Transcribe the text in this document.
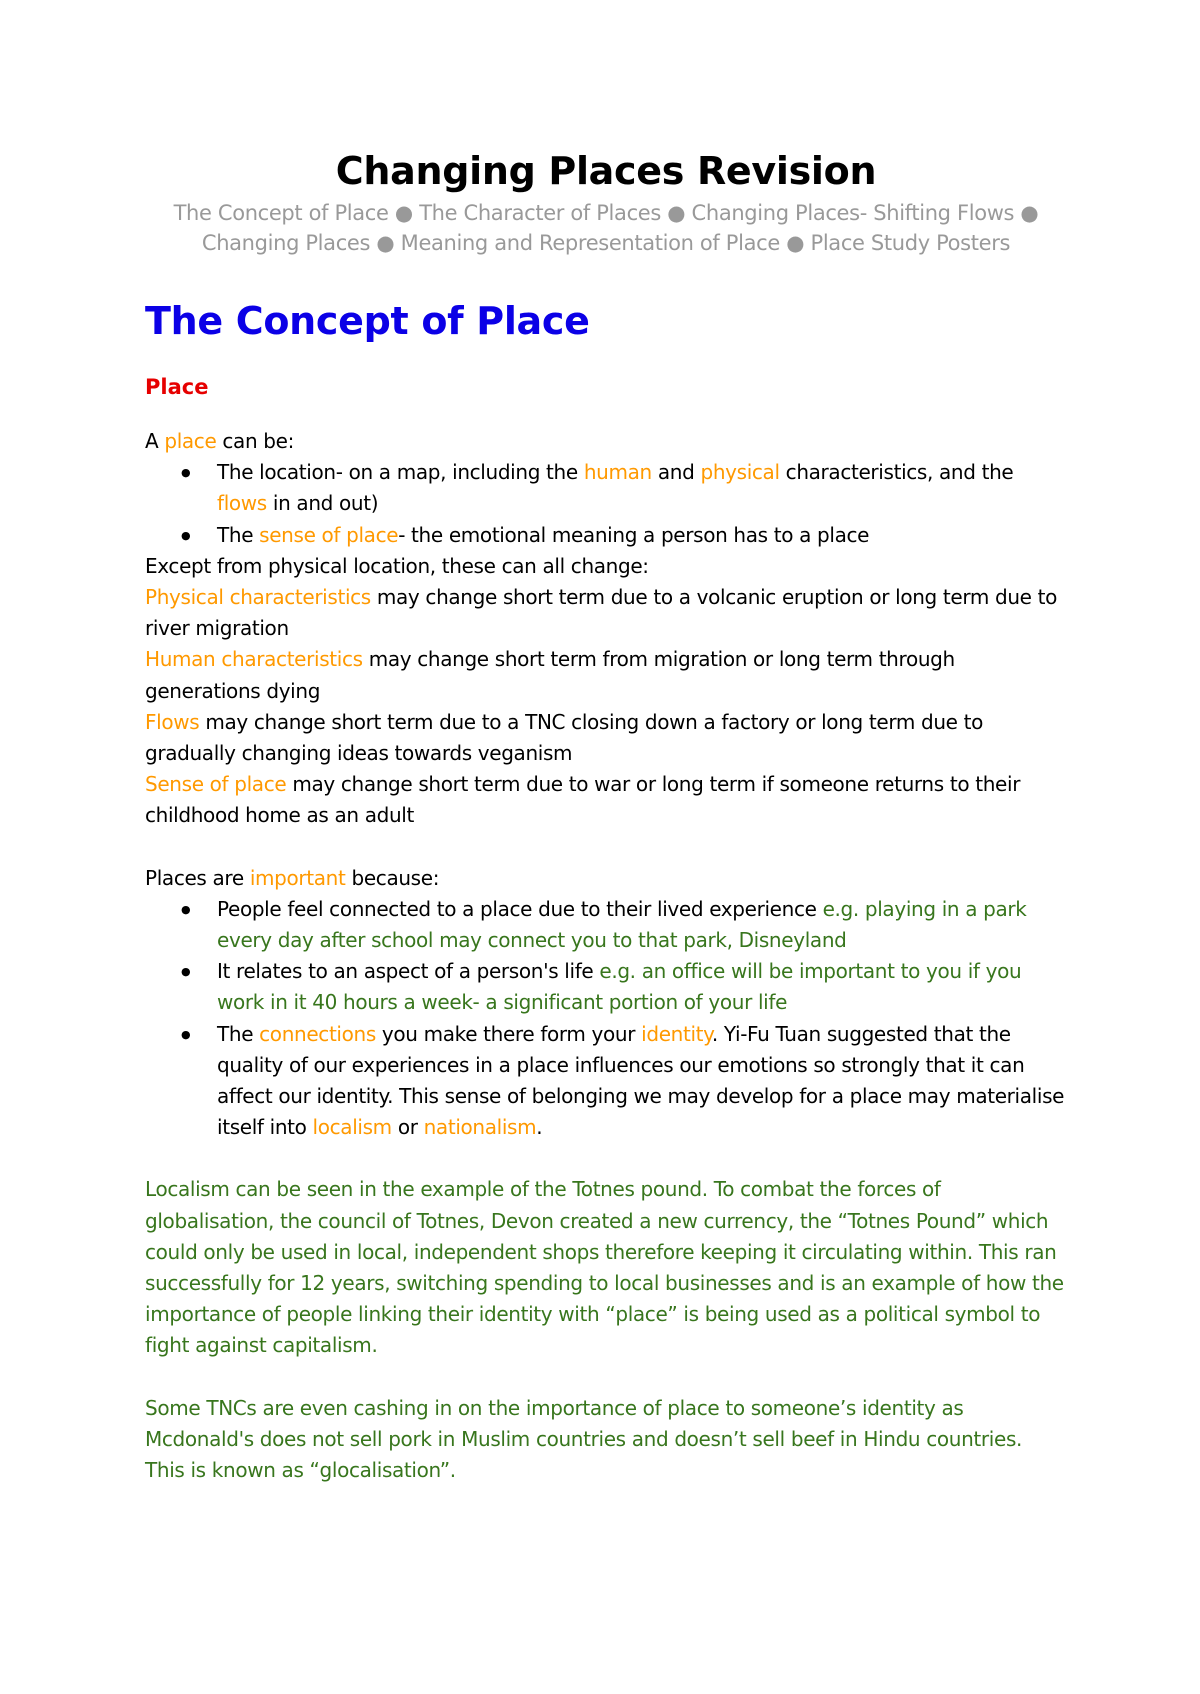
Changing Places Revision

The Concept of Place ● The Character of Places ● Changing Places- Shifting Flows ● Changing Places ● Meaning and Representation of Place ● Place Study Posters

The Concept of Place
Place

A place can be:

● The location- on a map, including the human and physical characteristics, and the flows in and out)
● The sense of place- the emotional meaning a person has to a place

Except from physical location, these can all change:

Physical characteristics may change short term due to a volcanic eruption or long term due to river migration

Human characteristics may change short term from migration or long term through generations dying

Flows may change short term due to a TNC closing down a factory or long term due to gradually changing ideas towards veganism

Sense of place may change short term due to war or long term if someone returns to their childhood home as an adult

Places are important because:

● People feel connected to a place due to their lived experience e.g. playing in a park every day after school may connect you to that park, Disneyland
● It relates to an aspect of a person's life e.g. an office will be important to you if you work in it 40 hours a week- a significant portion of your life
● The connections you make there form your identity. Yi-Fu Tuan suggested that the quality of our experiences in a place influences our emotions so strongly that it can affect our identity. This sense of belonging we may develop for a place may materialise itself into localism or nationalism.

Localism can be seen in the example of the Totnes pound. To combat the forces of globalisation, the council of Totnes, Devon created a new currency, the “Totnes Pound” which could only be used in local, independent shops therefore keeping it circulating within. This ran successfully for 12 years, switching spending to local businesses and is an example of how the importance of people linking their identity with “place” is being used as a political symbol to fight against capitalism.

Some TNCs are even cashing in on the importance of place to someone’s identity as Mcdonald's does not sell pork in Muslim countries and doesn’t sell beef in Hindu countries. This is known as “glocalisation”.
